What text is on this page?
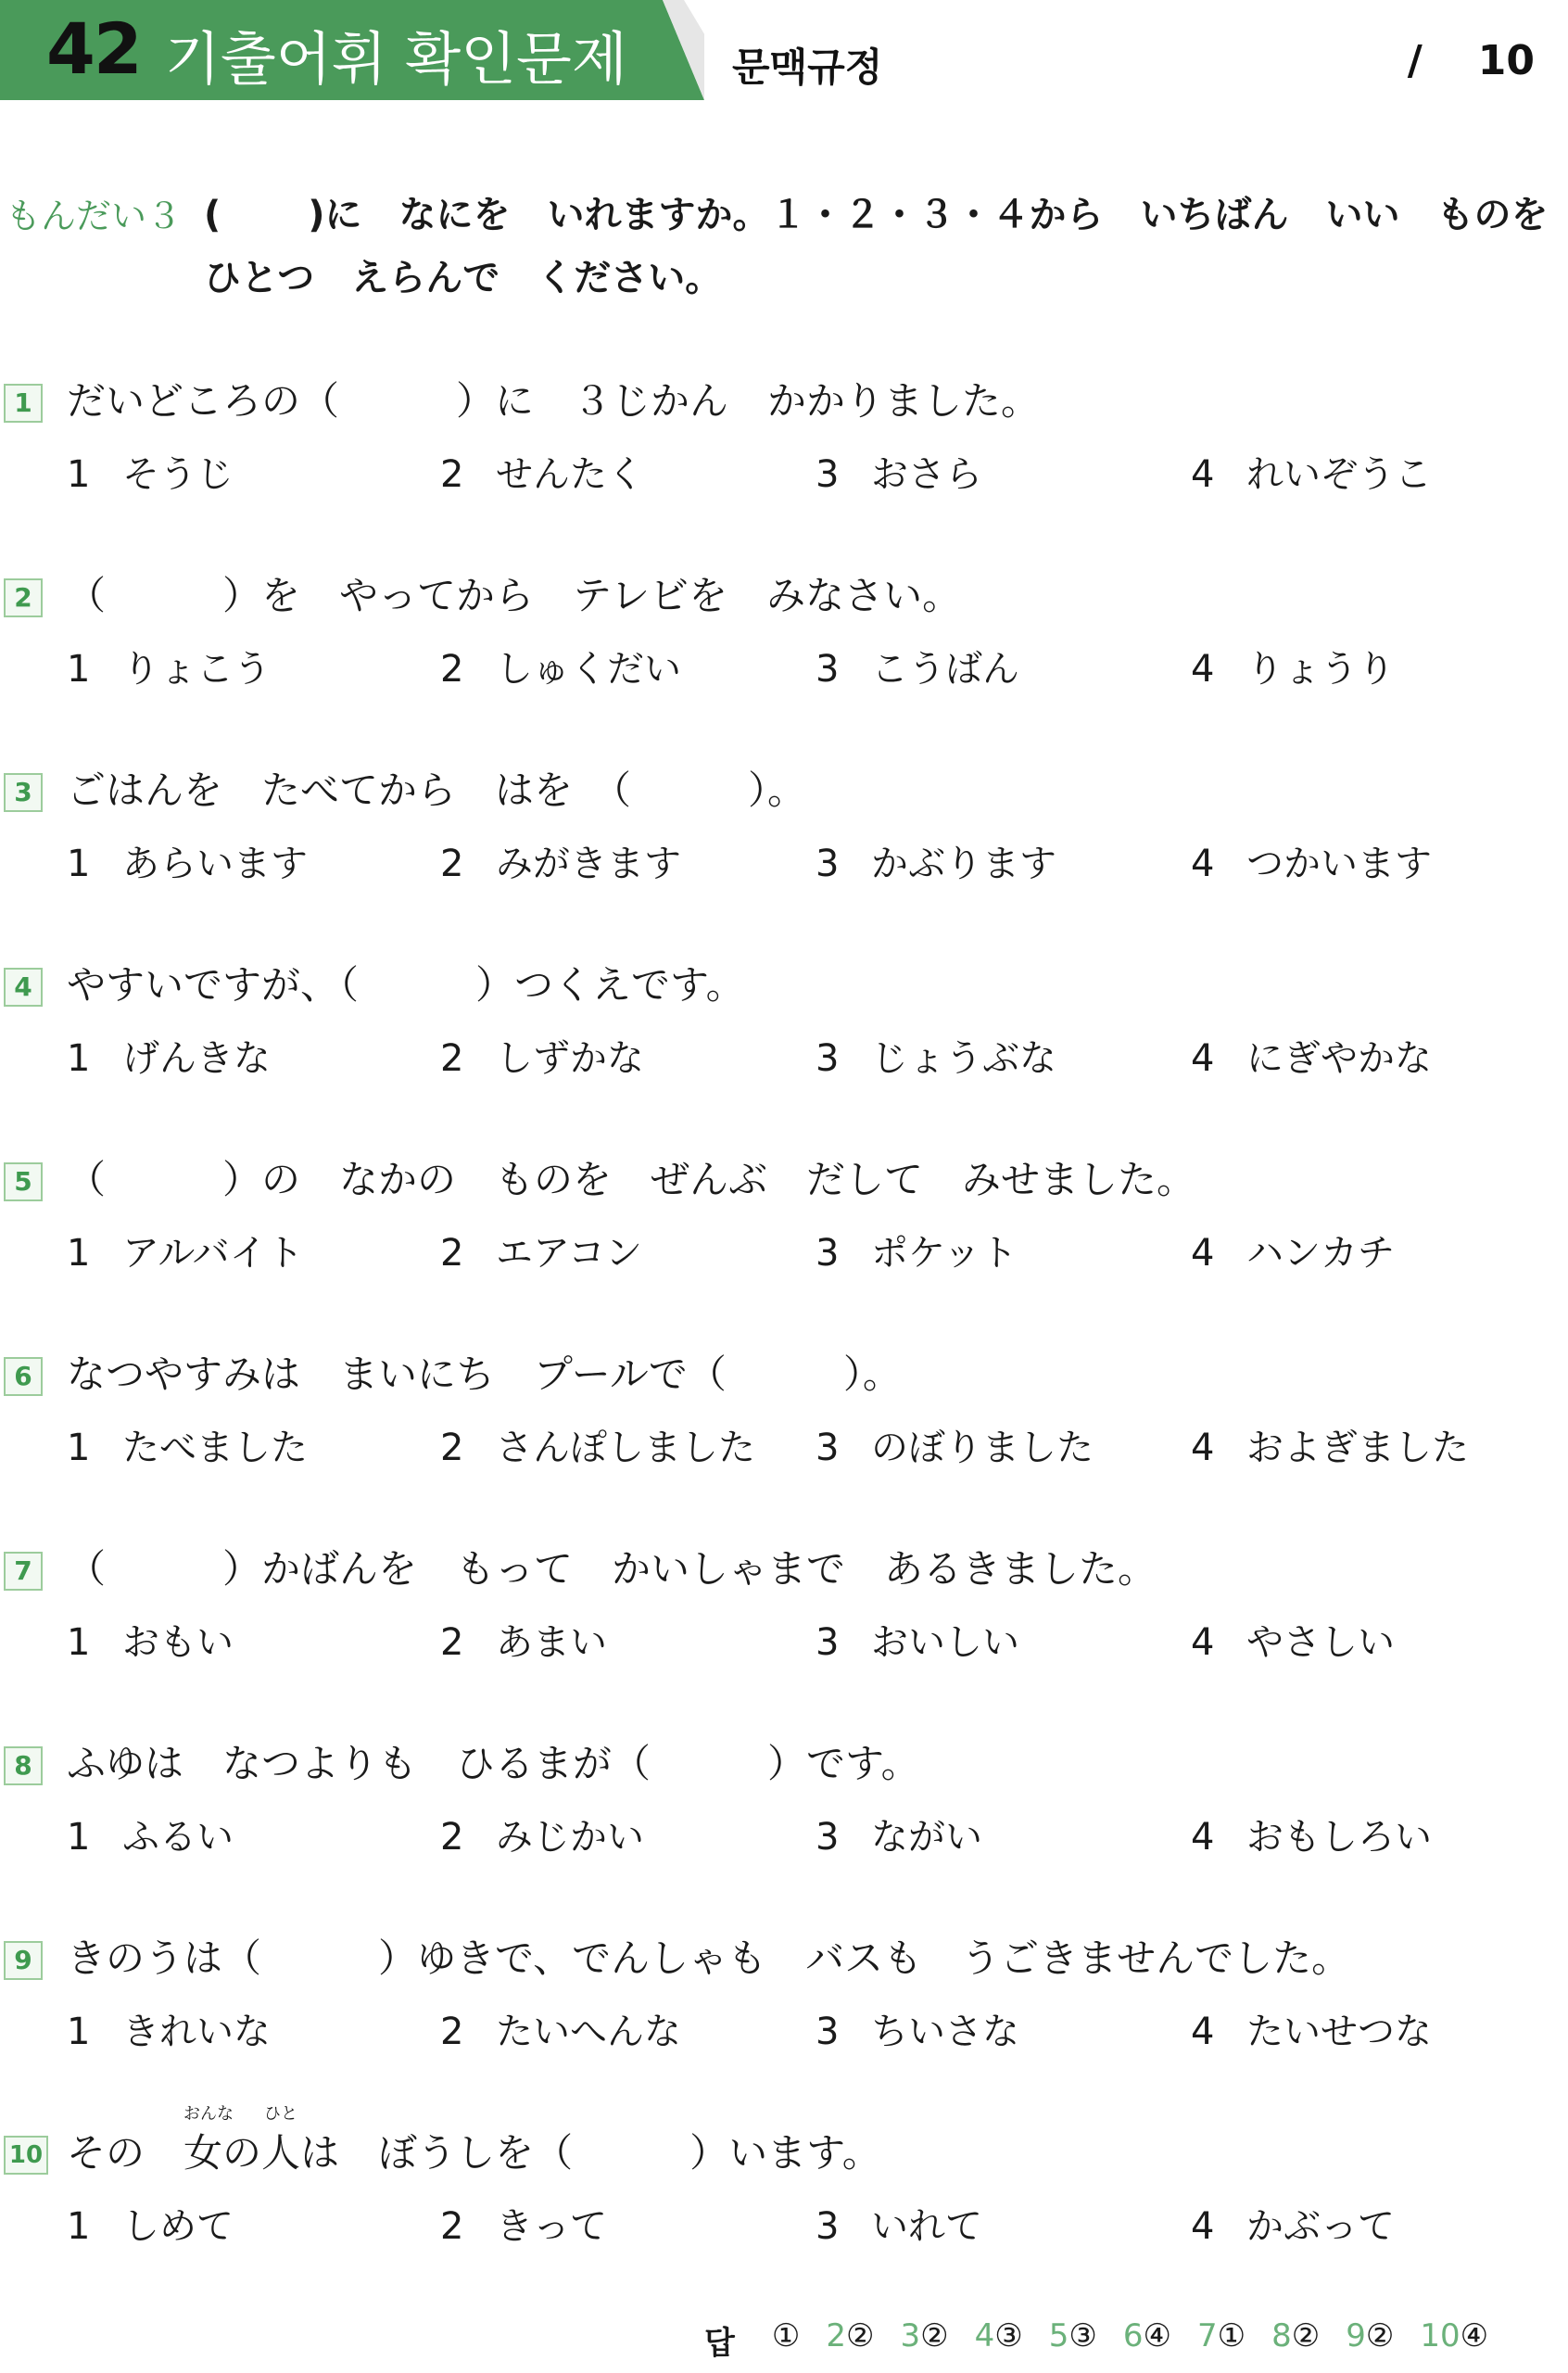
42 기출어휘 확인문제	문맥규정	/ 10
もんだい３ (　　 )に　なにを　いれますか。１・２・３・４から　いちばん　いい　ものを
ひとつ　えらんで　ください。
1 だいどころの（　　　）に　３じかん　かかりました。
1 そうじ	2 せんたく	3 おさら	4 れいぞうこ
2 （　　　）を　やってから　テレビを　みなさい。
1 りょこう	2 しゅくだい	3 こうばん	4 りょうり
3 ごはんを　たべてから　はを　（　　　）。
1 あらいます	2 みがきます	3 かぶります	4 つかいます
4 やすいですが、（　　　）つくえです。
1 げんきな	2 しずかな	3 じょうぶな	4 にぎやかな
5 （　　　）の　なかの　ものを　ぜんぶ　だして　みせました。
1 アルバイト	2 エアコン	3 ポケット	4 ハンカチ
6 なつやすみは　まいにち　プールで（　　　）。
1 たべました	2 さんぽしました 3 のぼりました	4 およぎました
7 （　　　）かばんを　もって　かいしゃまで　あるきました。
1 おもい	2 あまい	3 おいしい	4 やさしい
8 ふゆは　なつよりも　ひるまが（　　　）です。
1 ふるい	2 みじかい	3 ながい	4 おもしろい
9 きのうは（　　　）ゆきで、でんしゃも　バスも　うごきませんでした。
1 きれいな	2 たいへんな	3 ちいさな	4 たいせつな
10 その　
おんな
女の
ひと
人は　ぼうしを（　　　）います。
1 しめて	2 きって	3 いれて	4 かぶって
답 ① 2② 3② 4③ 5③ 6④ 7① 8② 9② 10④
